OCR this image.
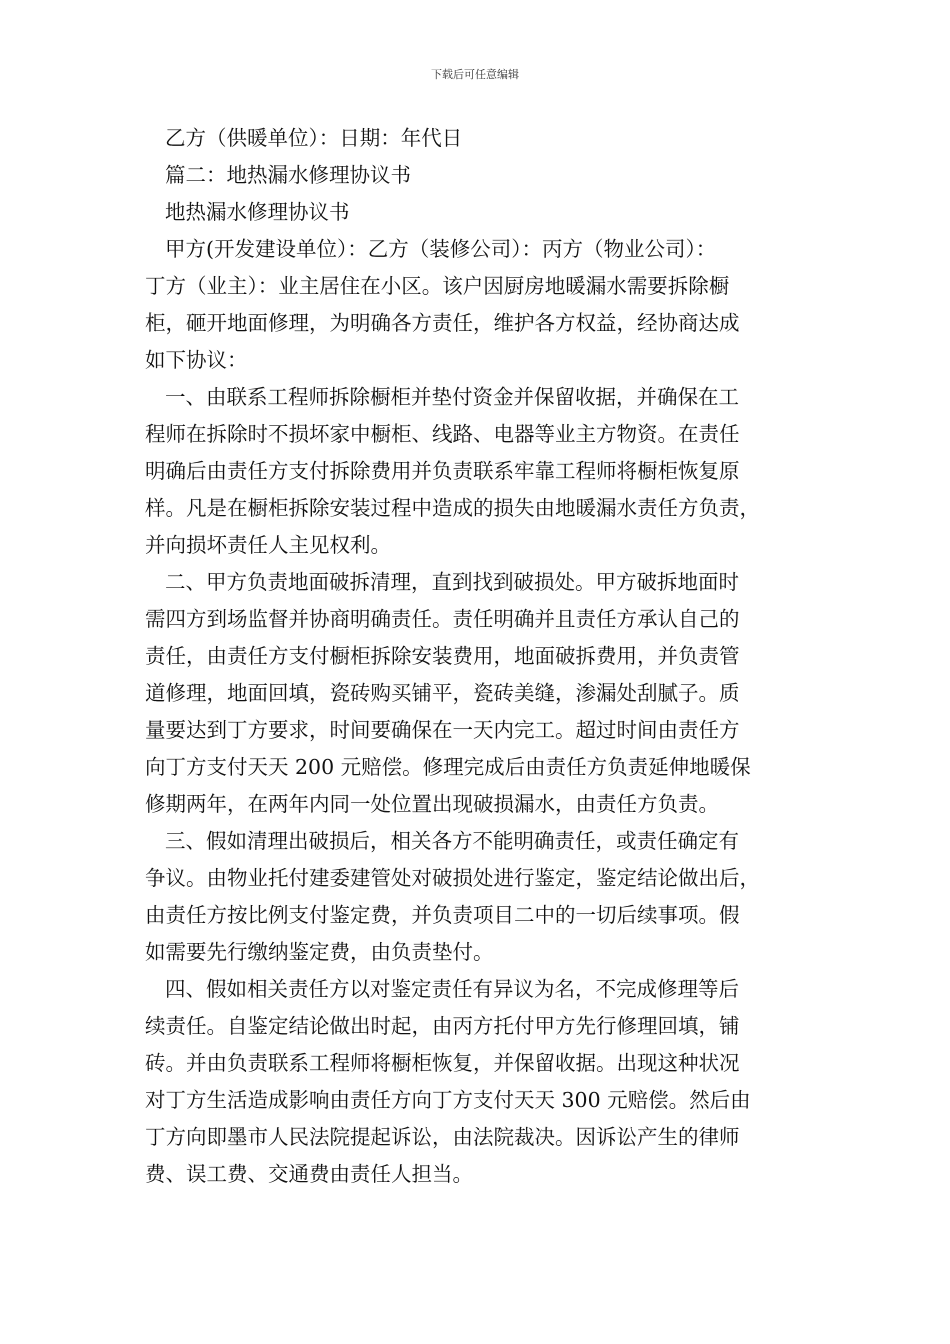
下载后可任意编辑

乙方（供暖单位）：日期：年代日

篇二：地热漏水修理协议书

地热漏水修理协议书

甲方(开发建设单位）：乙方（装修公司）：丙方（物业公司）：

丁方（业主）：业主居住在小区。该户因厨房地暖漏水需要拆除橱

柜，砸开地面修理，为明确各方责任，维护各方权益，经协商达成

如下协议：

一、由联系工程师拆除橱柜并垫付资金并保留收据，并确保在工

程师在拆除时不损坏家中橱柜、线路、电器等业主方物资。在责任

明确后由责任方支付拆除费用并负责联系牢靠工程师将橱柜恢复原

样。凡是在橱柜拆除安装过程中造成的损失由地暖漏水责任方负责，

并向损坏责任人主见权利。

二、甲方负责地面破拆清理，直到找到破损处。甲方破拆地面时

需四方到场监督并协商明确责任。责任明确并且责任方承认自己的

责任，由责任方支付橱柜拆除安装费用，地面破拆费用，并负责管

道修理，地面回填，瓷砖购买铺平，瓷砖美缝，渗漏处刮腻子。质

量要达到丁方要求，时间要确保在一天内完工。超过时间由责任方

向丁方支付天天 200 元赔偿。修理完成后由责任方负责延伸地暖保

修期两年，在两年内同一处位置出现破损漏水，由责任方负责。

三、假如清理出破损后，相关各方不能明确责任，或责任确定有

争议。由物业托付建委建管处对破损处进行鉴定，鉴定结论做出后，

由责任方按比例支付鉴定费，并负责项目二中的一切后续事项。假

如需要先行缴纳鉴定费，由负责垫付。

四、假如相关责任方以对鉴定责任有异议为名，不完成修理等后

续责任。自鉴定结论做出时起，由丙方托付甲方先行修理回填，铺

砖。并由负责联系工程师将橱柜恢复，并保留收据。出现这种状况

对丁方生活造成影响由责任方向丁方支付天天 300 元赔偿。然后由

丁方向即墨市人民法院提起诉讼，由法院裁决。因诉讼产生的律师

费、误工费、交通费由责任人担当。
